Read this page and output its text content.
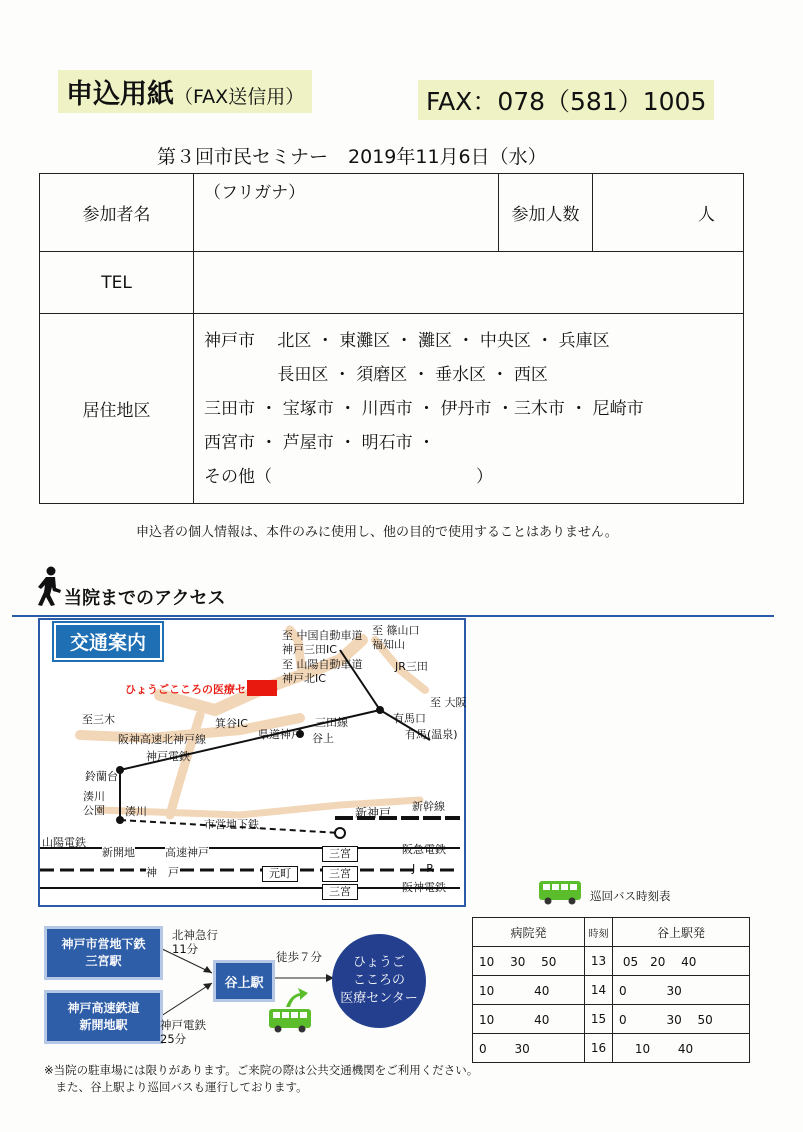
申込用紙（FAX送信用）	FAX：078（581）1005
第３回市民セミナー 2019年11月6日（水）
参加者名	（フリガナ）	参加人数	人
TEL			
居住地区	神戸市　 北区 ・ 東灘区 ・ 灘区 ・ 中央区 ・ 兵庫区
　　　　 長田区 ・ 須磨区 ・ 垂水区 ・ 西区
三田市 ・ 宝塚市 ・ 川西市 ・ 伊丹市 ・三木市 ・ 尼崎市
西宮市 ・ 芦屋市 ・ 明石市 ・
その他（　　　　　　　　　　　　）		
申込者の個人情報は、本件のみに使用し、他の目的で使用することはありません。
当院までのアクセス
交通案内
ひょうごこころの医療センター
至 中国自動車道
神戸三田IC
至 山陽自動車道
神戸北IC
至 篠山口
福知山
JR三田
至 大阪
至三木	箕谷IC	有馬口
有馬(温泉)
阪神高速北神戸線
神戸電鉄
三田線
県道神戸 谷上
鈴蘭台
湊川
公園 湊川
市営地下鉄
新神戸 新幹線
山陽電鉄
新開地	高速神戸	三宮	阪急電鉄
J　R
神　戸	元町	三宮
三宮	阪神電鉄
神戸市営地下鉄
三宮駅
神戸高速鉄道
新開地駅
北神急行
11分
神戸電鉄
25分
谷上駅
徒歩７分	ひょうご
こころの
医療センター
巡回バス時刻表
病院発	時刻	谷上駅発
10　 30　 50	13	05　20　 40
10　　　 40	14	0　　　 30
10　　　 40	15	0　　　 30　 50
0　　 30	16	　 10　　 40
※当院の駐車場には限りがあります。ご来院の際は公共交通機関をご利用ください。
　また、谷上駅より巡回バスも運行しております。
